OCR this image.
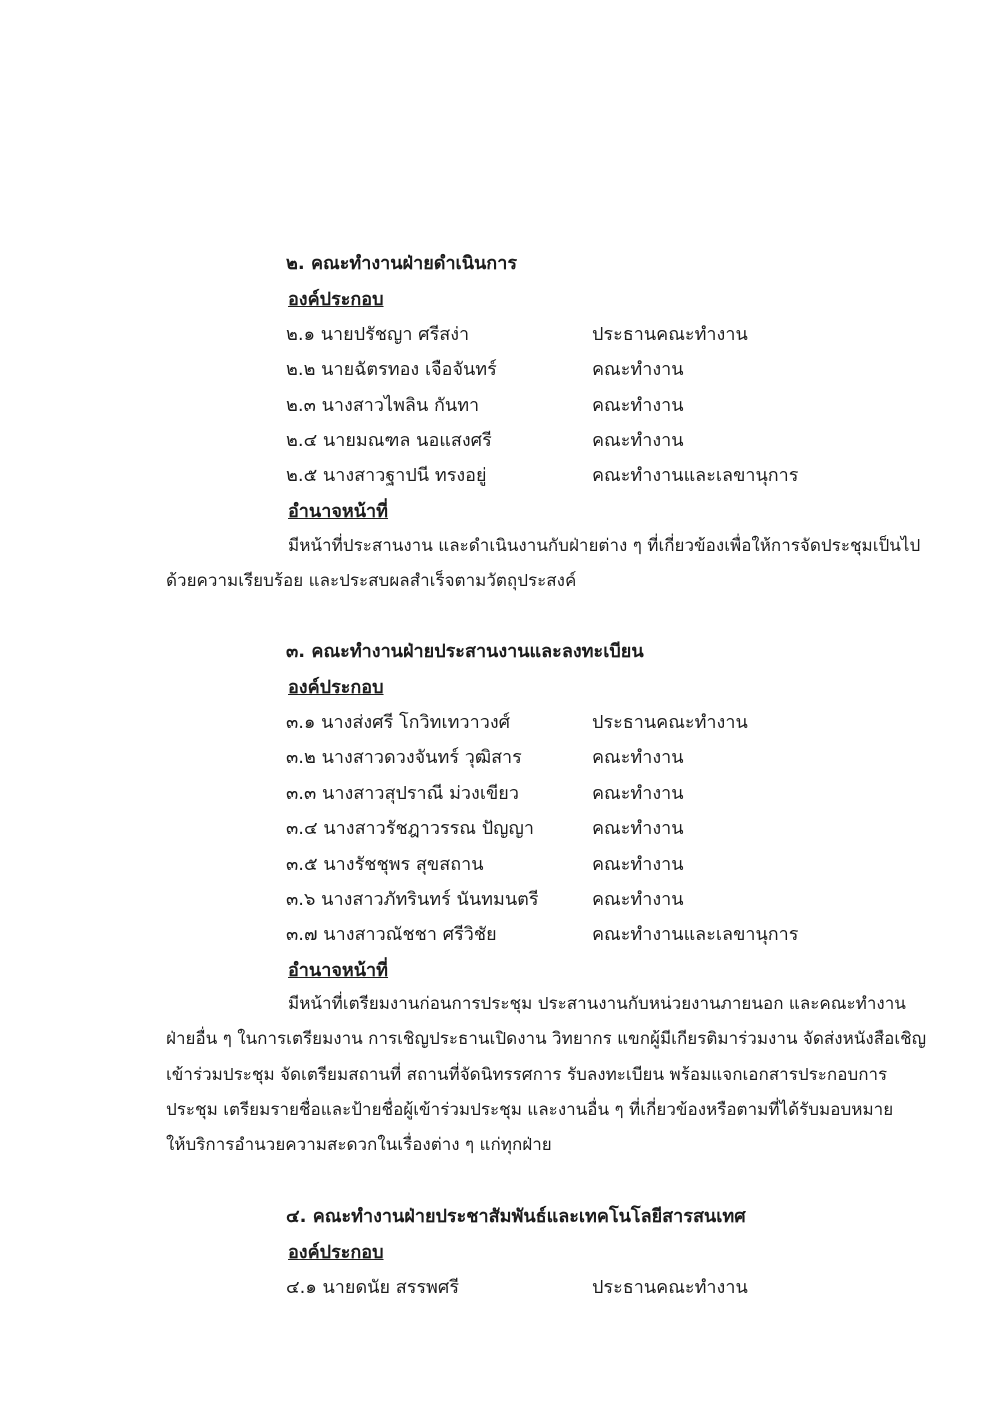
๒. คณะทำงานฝ่ายดำเนินการ
องค์ประกอบ
๒.๑ นายปรัชญา ศรีสง่า	ประธานคณะทำงาน
๒.๒ นายฉัตรทอง เจือจันทร์	คณะทำงาน
๒.๓ นางสาวไพลิน กันทา	คณะทำงาน
๒.๔ นายมณฑล นอแสงศรี	คณะทำงาน
๒.๕ นางสาวฐาปนี ทรงอยู่	คณะทำงานและเลขานุการ
อำนาจหน้าที่
มีหน้าที่ประสานงาน และดำเนินงานกับฝ่ายต่าง ๆ ที่เกี่ยวข้องเพื่อให้การจัดประชุมเป็นไป
ด้วยความเรียบร้อย และประสบผลสำเร็จตามวัตถุประสงค์
๓. คณะทำงานฝ่ายประสานงานและลงทะเบียน
องค์ประกอบ
๓.๑ นางส่งศรี โกวิทเทวาวงศ์	ประธานคณะทำงาน
๓.๒ นางสาวดวงจันทร์ วุฒิสาร	คณะทำงาน
๓.๓ นางสาวสุปราณี ม่วงเขียว	คณะทำงาน
๓.๔ นางสาวรัชฎาวรรณ ปัญญา	คณะทำงาน
๓.๕ นางรัชชุพร สุขสถาน	คณะทำงาน
๓.๖ นางสาวภัทรินทร์ นันทมนตรี	คณะทำงาน
๓.๗ นางสาวณัชชา ศรีวิชัย	คณะทำงานและเลขานุการ
อำนาจหน้าที่
มีหน้าที่เตรียมงานก่อนการประชุม ประสานงานกับหน่วยงานภายนอก และคณะทำงาน
ฝ่ายอื่น ๆ ในการเตรียมงาน การเชิญประธานเปิดงาน วิทยากร แขกผู้มีเกียรติมาร่วมงาน จัดส่งหนังสือเชิญ
เข้าร่วมประชุม จัดเตรียมสถานที่ สถานที่จัดนิทรรศการ รับลงทะเบียน พร้อมแจกเอกสารประกอบการ
ประชุม เตรียมรายชื่อและป้ายชื่อผู้เข้าร่วมประชุม และงานอื่น ๆ ที่เกี่ยวข้องหรือตามที่ได้รับมอบหมาย
ให้บริการอำนวยความสะดวกในเรื่องต่าง ๆ แก่ทุกฝ่าย
๔. คณะทำงานฝ่ายประชาสัมพันธ์และเทคโนโลยีสารสนเทศ
องค์ประกอบ
๔.๑ นายดนัย สรรพศรี	ประธานคณะทำงาน
